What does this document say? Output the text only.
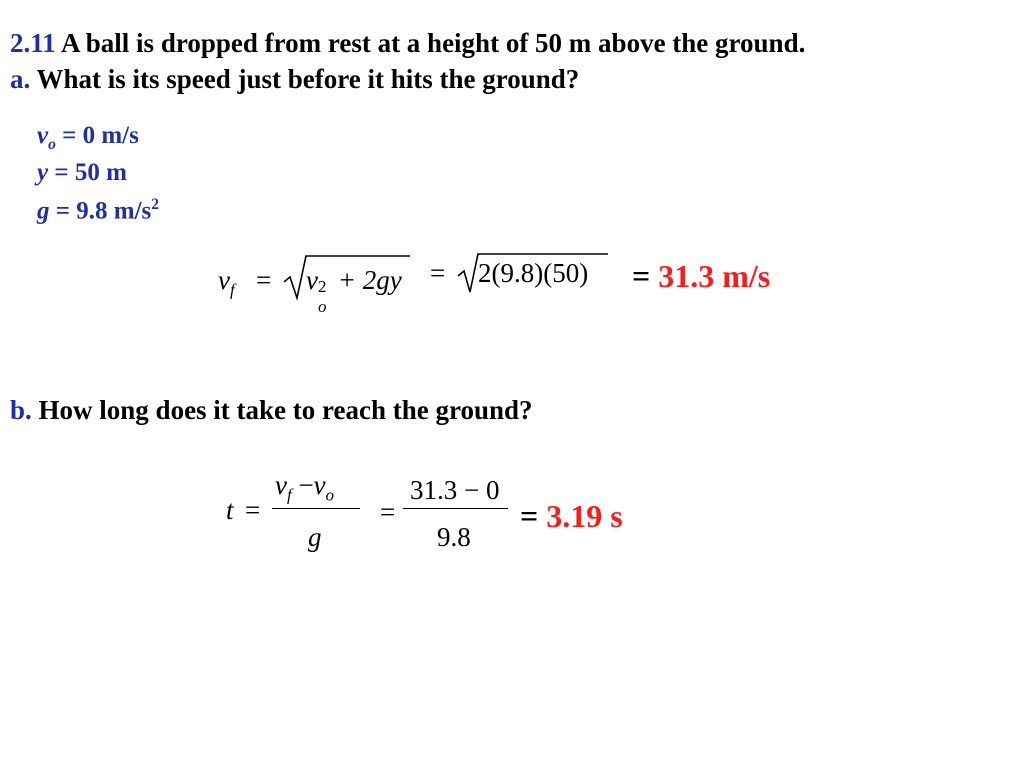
2.11 A ball is dropped from rest at a height of 50 m above the ground.
a. What is its speed just before it hits the ground?
$v_o = 0$ m/s
y = 50 m
g = 9.8 $m/s^2$
$v_f = v$ 2
o
+ 2gy = 2(9.8)(50) = 31.3 m/s
b. How long does it take to reach the ground?
t =
$v_f -v_o$
g
=
31.3 − 0
9.8
= 3.19 s
